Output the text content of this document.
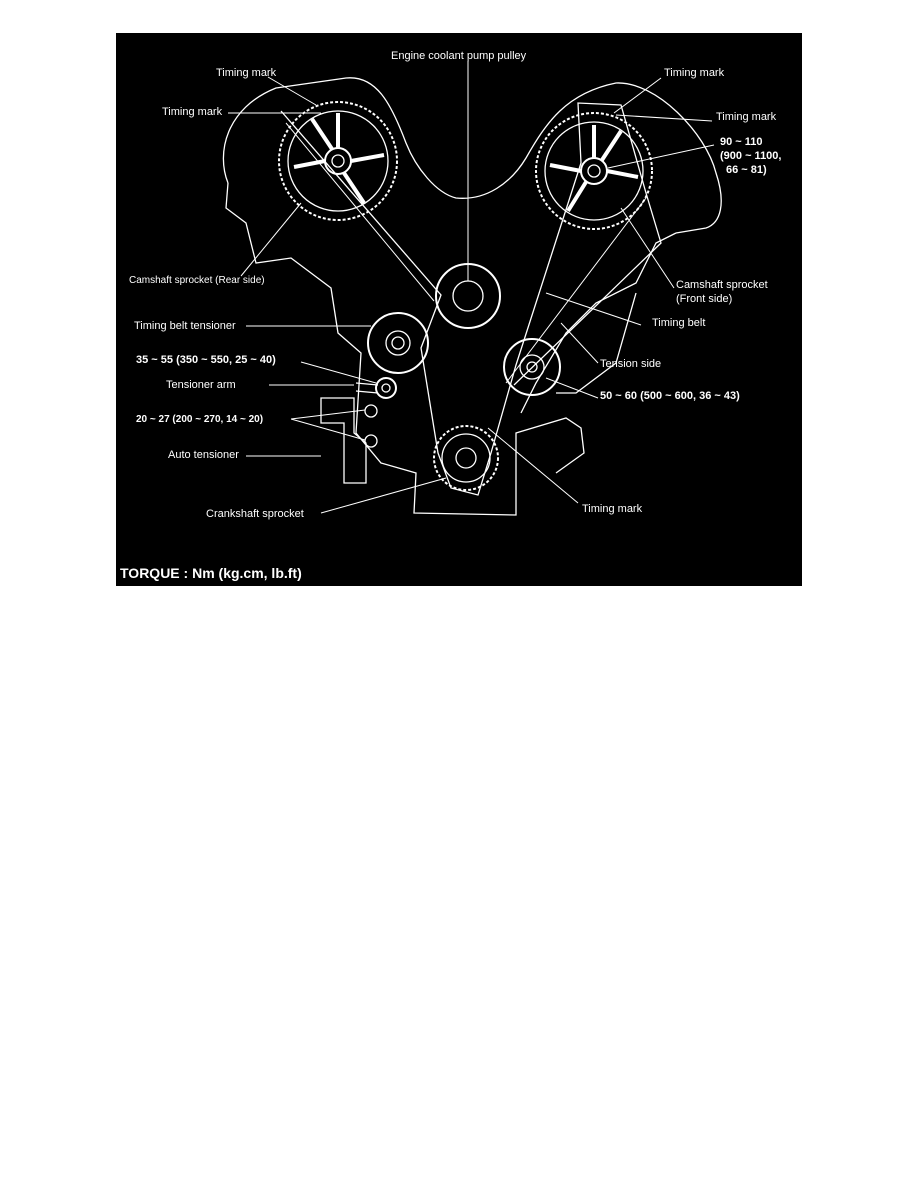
Engine coolant pump pulley
Timing mark
Timing mark
Timing mark
Timing mark
90 ~ 110
(900 ~ 1100,
66 ~ 81)
Camshaft sprocket (Rear side)	Camshaft sprocket
(Front side)
Timing belt tensioner	Timing belt
35 ~ 55 (350 ~ 550, 25 ~ 40)	Tension side
Tensioner arm
50 ~ 60 (500 ~ 600, 36 ~ 43)
20 ~ 27 (200 ~ 270, 14 ~ 20)
Auto tensioner
Crankshaft sprocket	Timing mark
TORQUE : Nm (kg.cm, lb.ft)
